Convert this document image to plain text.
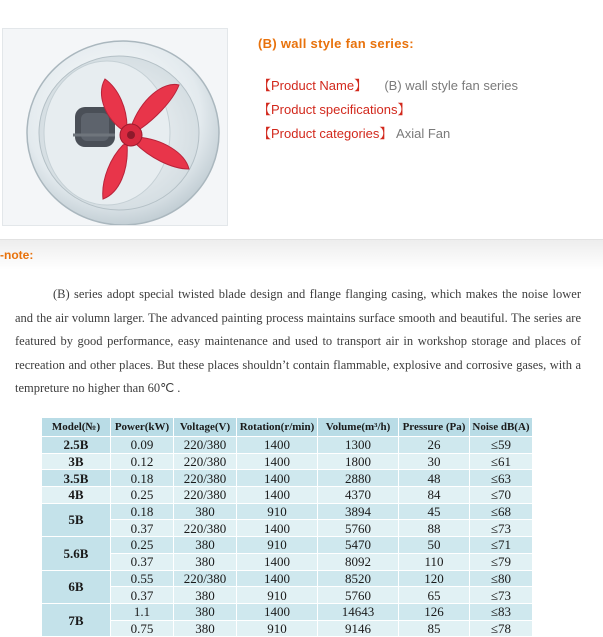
(B) wall style fan series:
【Product Name】 (B) wall style fan series
【Product specifications】
【Product categories】 Axial Fan
-note:

(B) series adopt special twisted blade design and flange flanging casing, which makes the noise lower and the air volumn larger. The advanced painting process maintains surface smooth and beautiful. The series are featured by good performance, easy maintenance and used to transport air in workshop storage and places of recreation and other places. But these places shouldn’t contain flammable, explosive and corrosive gases, with a tempreture no higher than 60℃ .

Model(№)	Power(kW)	Voltage(V)	Rotation(r/min)	Volume(m³/h)	Pressure (Pa)	Noise dB(A)
2.5B	0.09	220/380	1400	1300	26	≤59
3B	0.12	220/380	1400	1800	30	≤61
3.5B	0.18	220/380	1400	2880	48	≤63
4B	0.25	220/380	1400	4370	84	≤70
5B	0.18	380	910	3894	45	≤68
	0.37	220/380	1400	5760	88	≤73
5.6B	0.25	380	910	5470	50	≤71
	0.37	380	1400	8092	110	≤79
6B	0.55	220/380	1400	8520	120	≤80
	0.37	380	910	5760	65	≤73
7B	1.1	380	1400	14643	126	≤83
	0.75	380	910	9146	85	≤78
